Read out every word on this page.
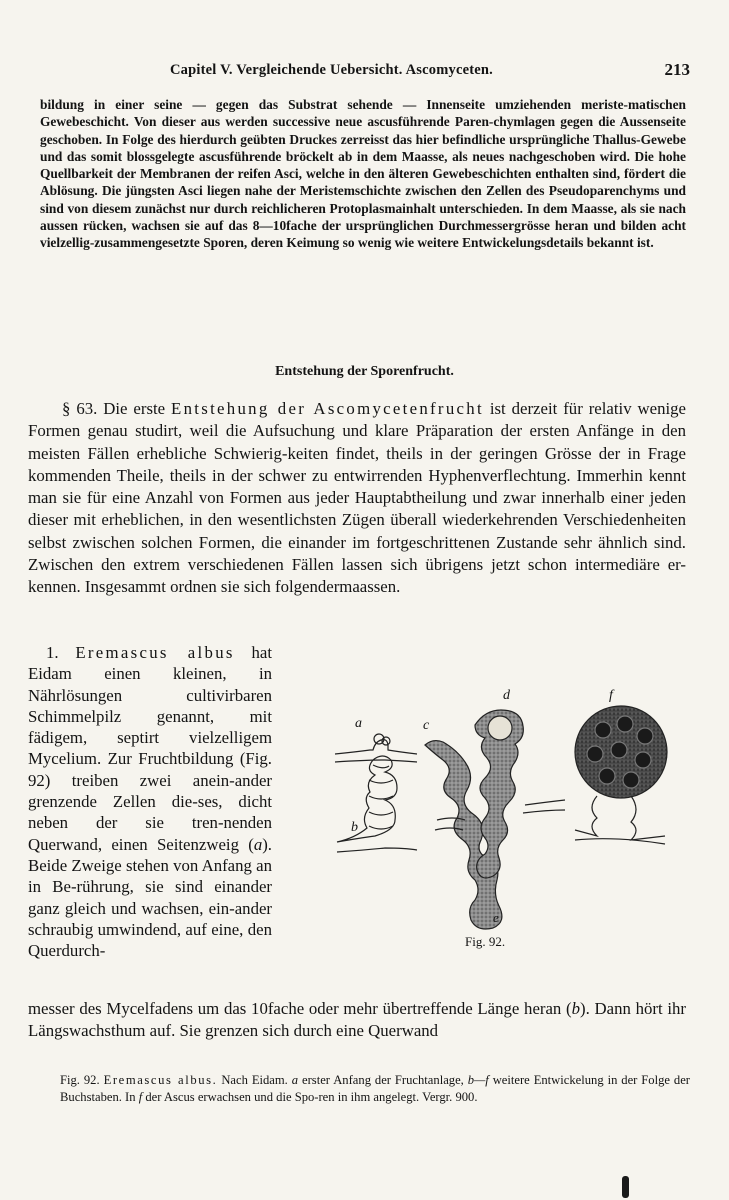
Capitel V. Vergleichende Uebersicht. Ascomyceten.	213

bildung in einer seine — gegen das Substrat sehende — Innenseite umziehenden meriste-matischen Gewebeschicht. Von dieser aus werden successive neue ascusführende Paren-chymlagen gegen die Aussenseite geschoben. In Folge des hierdurch geübten Druckes zerreisst das hier befindliche ursprüngliche Thallus-Gewebe und das somit blossgelegte ascusführende bröckelt ab in dem Maasse, als neues nachgeschoben wird. Die hohe Quellbarkeit der Membranen der reifen Asci, welche in den älteren Gewebeschichten enthalten sind, fördert die Ablösung. Die jüngsten Asci liegen nahe der Meristemschichte zwischen den Zellen des Pseudoparenchyms und sind von diesem zunächst nur durch reichlicheren Protoplasmainhalt unterschieden. In dem Maasse, als sie nach aussen rücken, wachsen sie auf das 8—10fache der ursprünglichen Durchmessergrösse heran und bilden acht vielzellig-zusammengesetzte Sporen, deren Keimung so wenig wie weitere Entwickelungsdetails bekannt ist.

Entstehung der Sporenfrucht.

§ 63. Die erste Entstehung der Ascomycetenfrucht ist derzeit für relativ wenige Formen genau studirt, weil die Aufsuchung und klare Präparation der ersten Anfänge in den meisten Fällen erhebliche Schwierig-keiten findet, theils in der geringen Grösse der in Frage kommenden Theile, theils in der schwer zu entwirrenden Hyphenverflechtung. Immerhin kennt man sie für eine Anzahl von Formen aus jeder Hauptabtheilung und zwar innerhalb einer jeden dieser mit erheblichen, in den wesentlichsten Zügen überall wiederkehrenden Verschiedenheiten selbst zwischen solchen Formen, die einander im fortgeschrittenen Zustande sehr ähnlich sind. Zwischen den extrem verschiedenen Fällen lassen sich übrigens jetzt schon intermediäre er-kennen. Insgesammt ordnen sie sich folgendermaassen.

1. Eremascus albus hat Eidam einen kleinen, in Nährlösungen cultivirbaren Schimmelpilz genannt, mit fädigem, septirt vielzelligem Mycelium. Zur Fruchtbildung (Fig. 92) treiben zwei anein-ander grenzende Zellen die-ses, dicht neben der sie tren-nenden Querwand, einen Seitenzweig (a). Beide Zweige stehen von Anfang an in Be-rührung, sie sind einander ganz gleich und wachsen, ein-ander schraubig umwindend, auf eine, den Querdurch-

messer des Mycelfadens um das 10fache oder mehr übertreffende Länge heran (b). Dann hört ihr Längswachsthum auf. Sie grenzen sich durch eine Querwand

a
b
c
d
e
f
Fig. 92.

Fig. 92. Eremascus albus. Nach Eidam. a erster Anfang der Fruchtanlage, b—f weitere Entwickelung in der Folge der Buchstaben. In f der Ascus erwachsen und die Spo-ren in ihm angelegt. Vergr. 900.
